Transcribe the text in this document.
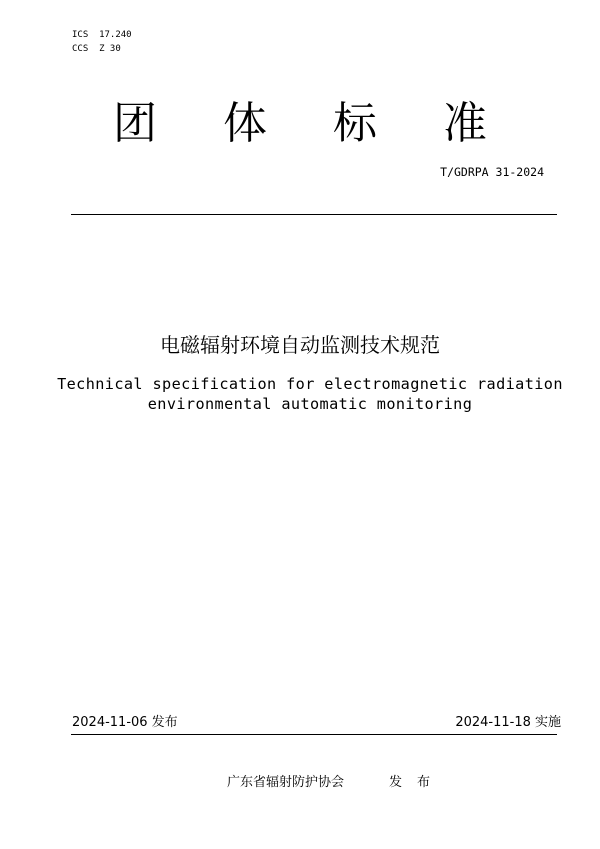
ICS  17.240
CCS  Z 30
团体标准
T/GDRPA 31-2024
电磁辐射环境自动监测技术规范
Technical specification for electromagnetic radiation environmental automatic monitoring
2024-11-06 发布	2024-11-18 实施
广东省辐射防护协会	发布
